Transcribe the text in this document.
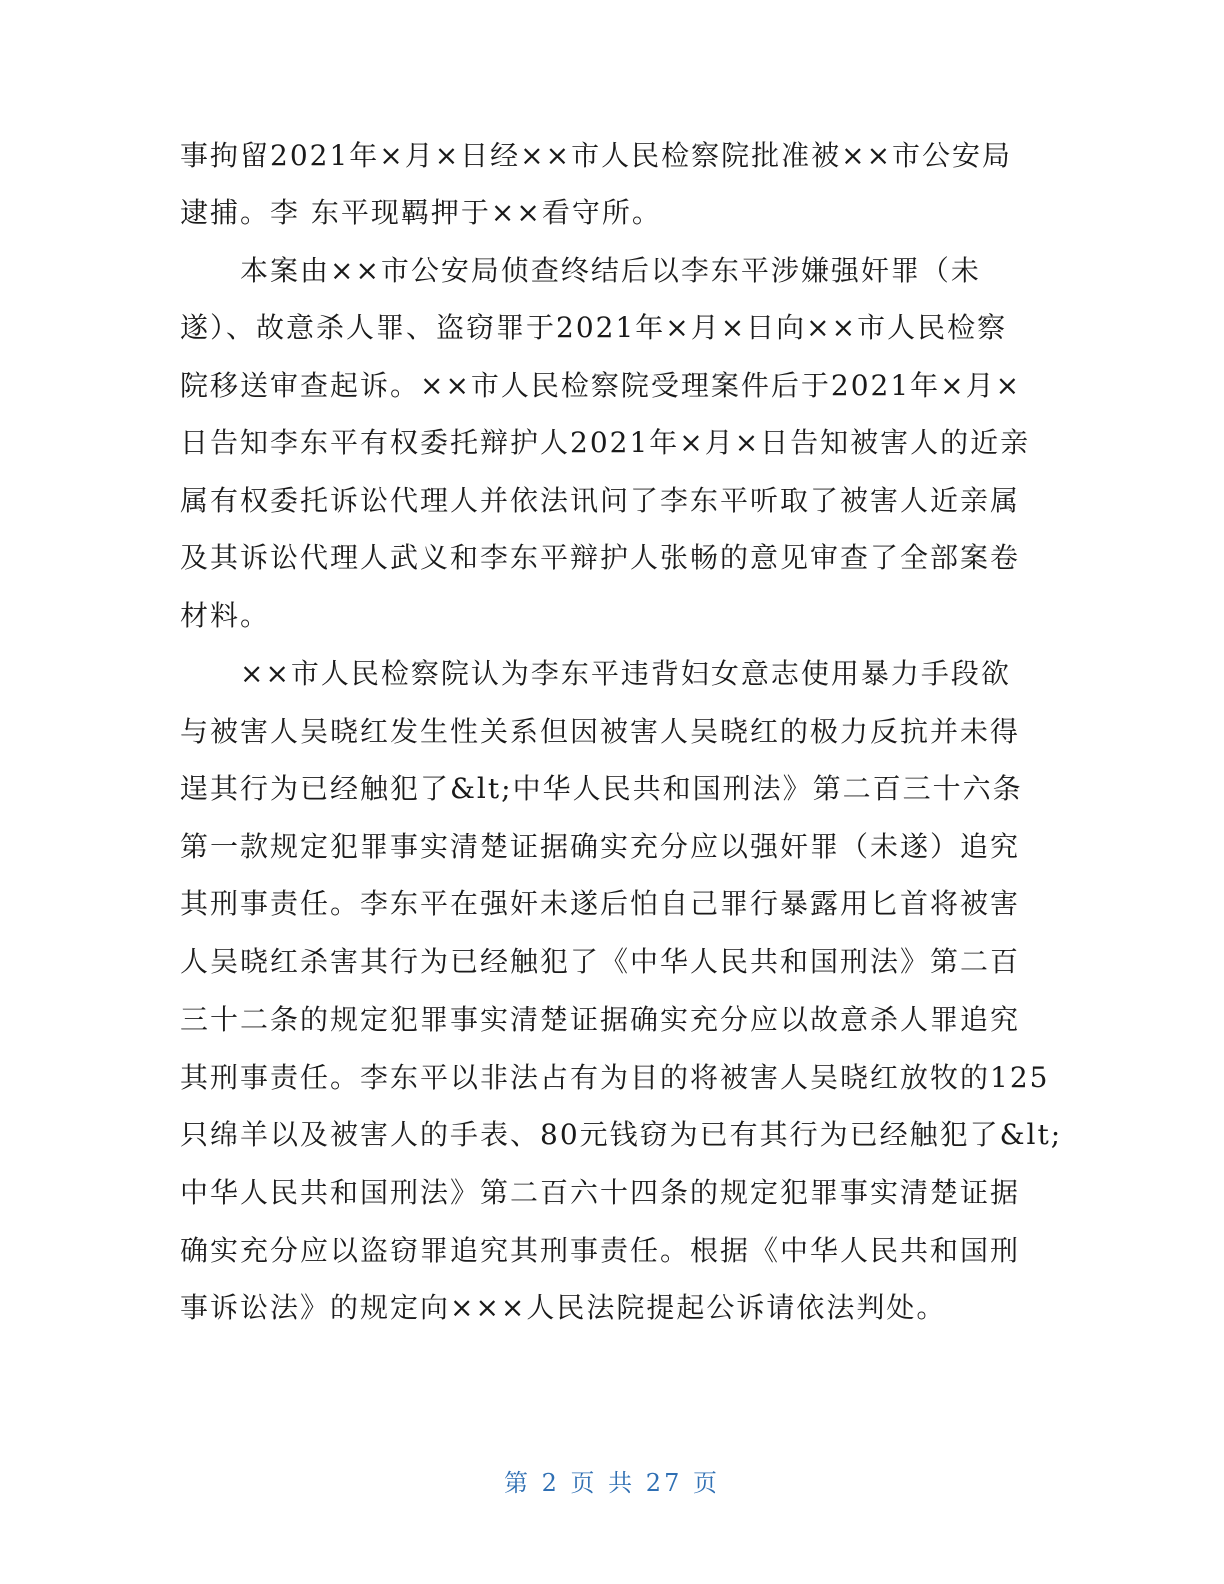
事拘留2021年×月×日经××市人民检察院批准被××市公安局
逮捕。李 东平现羁押于××看守所。
本案由××市公安局侦查终结后以李东平涉嫌强奸罪（未
遂）、故意杀人罪、盗窃罪于2021年×月×日向××市人民检察
院移送审查起诉。××市人民检察院受理案件后于2021年×月×
日告知李东平有权委托辩护人2021年×月×日告知被害人的近亲
属有权委托诉讼代理人并依法讯问了李东平听取了被害人近亲属
及其诉讼代理人武义和李东平辩护人张畅的意见审查了全部案卷
材料。
××市人民检察院认为李东平违背妇女意志使用暴力手段欲
与被害人吴晓红发生性关系但因被害人吴晓红的极力反抗并未得
逞其行为已经触犯了&lt;中华人民共和国刑法》第二百三十六条
第一款规定犯罪事实清楚证据确实充分应以强奸罪（未遂）追究
其刑事责任。李东平在强奸未遂后怕自己罪行暴露用匕首将被害
人吴晓红杀害其行为已经触犯了《中华人民共和国刑法》第二百
三十二条的规定犯罪事实清楚证据确实充分应以故意杀人罪追究
其刑事责任。李东平以非法占有为目的将被害人吴晓红放牧的125
只绵羊以及被害人的手表、80元钱窃为已有其行为已经触犯了&lt;
中华人民共和国刑法》第二百六十四条的规定犯罪事实清楚证据
确实充分应以盗窃罪追究其刑事责任。根据《中华人民共和国刑
事诉讼法》的规定向×××人民法院提起公诉请依法判处。
第 2 页 共 27 页
